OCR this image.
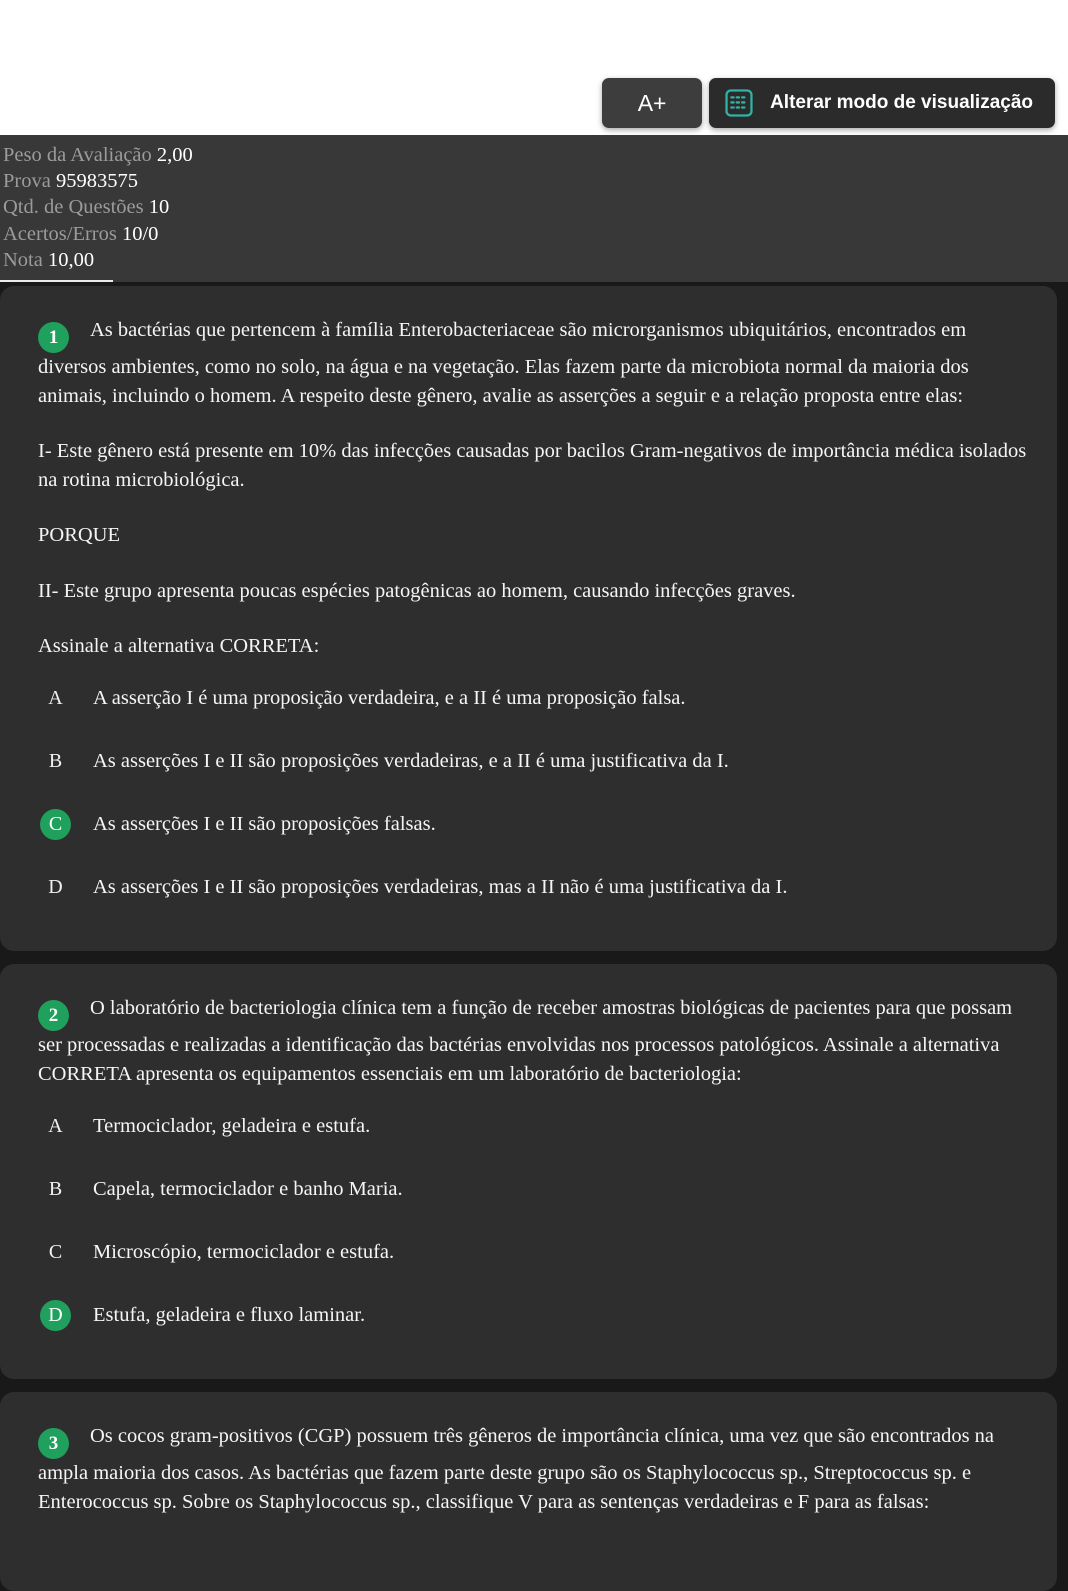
A+	Alterar modo de visualização
Peso da Avaliação 2,00
Prova 95983575
Qtd. de Questões 10
Acertos/Erros 10/0
Nota 10,00

1 As bactérias que pertencem à família Enterobacteriaceae são microrganismos ubiquitários, encontrados em diversos ambientes, como no solo, na água e na vegetação. Elas fazem parte da microbiota normal da maioria dos animais, incluindo o homem. A respeito deste gênero, avalie as asserções a seguir e a relação proposta entre elas:

I- Este gênero está presente em 10% das infecções causadas por bacilos Gram-negativos de importância médica isolados na rotina microbiológica.

PORQUE

II- Este grupo apresenta poucas espécies patogênicas ao homem, causando infecções graves.

Assinale a alternativa CORRETA:

A	A asserção I é uma proposição verdadeira, e a II é uma proposição falsa.
B	As asserções I e II são proposições verdadeiras, e a II é uma justificativa da I.
C	As asserções I e II são proposições falsas.
D	As asserções I e II são proposições verdadeiras, mas a II não é uma justificativa da I.

2 O laboratório de bacteriologia clínica tem a função de receber amostras biológicas de pacientes para que possam ser processadas e realizadas a identificação das bactérias envolvidas nos processos patológicos. Assinale a alternativa CORRETA apresenta os equipamentos essenciais em um laboratório de bacteriologia:

A	Termociclador, geladeira e estufa.
B	Capela, termociclador e banho Maria.
C	Microscópio, termociclador e estufa.
D	Estufa, geladeira e fluxo laminar.

3 Os cocos gram-positivos (CGP) possuem três gêneros de importância clínica, uma vez que são encontrados na ampla maioria dos casos. As bactérias que fazem parte deste grupo são os Staphylococcus sp., Streptococcus sp. e Enterococcus sp. Sobre os Staphylococcus sp., classifique V para as sentenças verdadeiras e F para as falsas:
